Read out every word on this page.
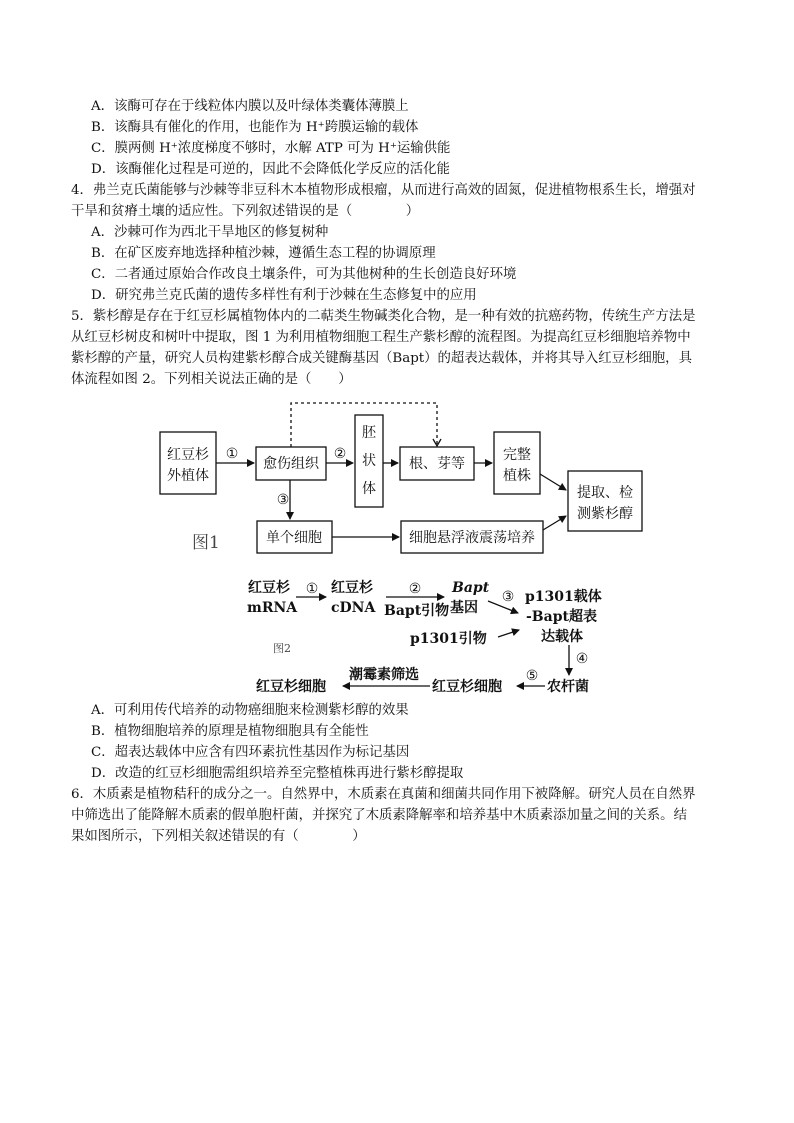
A．该酶可存在于线粒体内膜以及叶绿体类囊体薄膜上
B．该酶具有催化的作用，也能作为 H⁺跨膜运输的载体
C．膜两侧 H⁺浓度梯度不够时，水解 ATP 可为 H⁺运输供能
D．该酶催化过程是可逆的，因此不会降低化学反应的活化能
4．弗兰克氏菌能够与沙棘等非豆科木本植物形成根瘤，从而进行高效的固氮，促进植物根系生长，增强对
干旱和贫瘠土壤的适应性。下列叙述错误的是（　　　　）
A．沙棘可作为西北干旱地区的修复树种
B．在矿区废弃地选择种植沙棘，遵循生态工程的协调原理
C．二者通过原始合作改良土壤条件，可为其他树种的生长创造良好环境
D．研究弗兰克氏菌的遗传多样性有利于沙棘在生态修复中的应用
5．紫杉醇是存在于红豆杉属植物体内的二萜类生物碱类化合物，是一种有效的抗癌药物，传统生产方法是
从红豆杉树皮和树叶中提取，图 1 为利用植物细胞工程生产紫杉醇的流程图。为提高红豆杉细胞培养物中
紫杉醇的产量，研究人员构建紫杉醇合成关键酶基因（Bapt）的超表达载体，并将其导入红豆杉细胞，具
体流程如图 2。下列相关说法正确的是（　　）
红豆杉
外植体
愈伤组织
胚
状
体
根、芽等
完整
植株
提取、检
测紫杉醇
单个细胞	细胞悬浮液震荡培养
①	②
③
图1
红豆杉
mRNA
红豆杉
cDNA
Bapt
基因
Bapt引物
p1301载体
-Bapt超表
达载体
p1301引物
农杆菌
红豆杉细胞
红豆杉细胞
潮霉素筛选
①	②	③
④
⑤
图2
A．可利用传代培养的动物癌细胞来检测紫杉醇的效果
B．植物细胞培养的原理是植物细胞具有全能性
C．超表达载体中应含有四环素抗性基因作为标记基因
D．改造的红豆杉细胞需组织培养至完整植株再进行紫杉醇提取
6．木质素是植物秸秆的成分之一。自然界中，木质素在真菌和细菌共同作用下被降解。研究人员在自然界
中筛选出了能降解木质素的假单胞杆菌，并探究了木质素降解率和培养基中木质素添加量之间的关系。结
果如图所示，下列相关叙述错误的有（　　　　）
